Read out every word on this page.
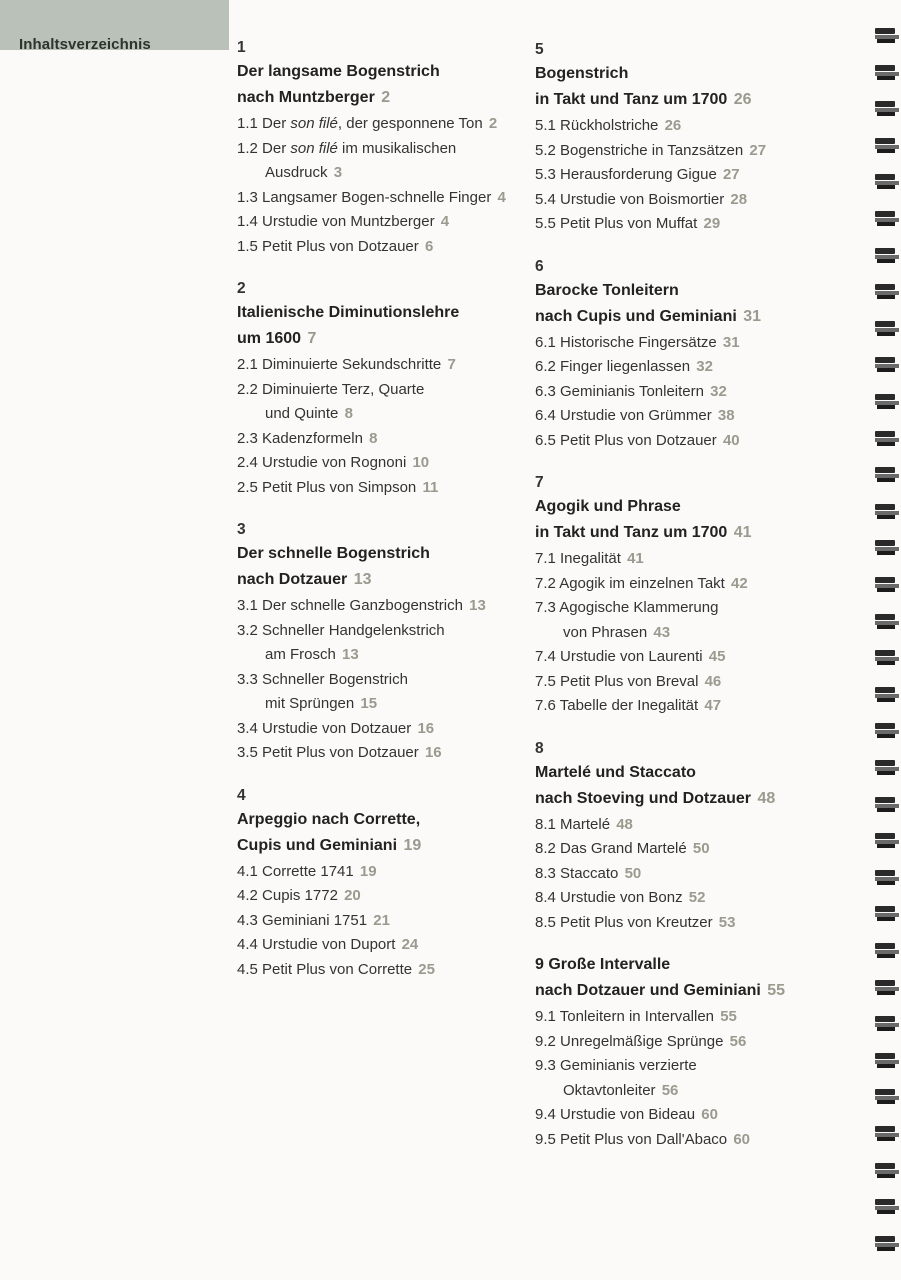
Inhaltsverzeichnis	1
Der langsame Bogenstrich
nach Muntzberger 2
1.1 Der son filé, der gesponnene Ton 2
1.2 Der son filé im musikalischen
Ausdruck 3
1.3 Langsamer Bogen-schnelle Finger 4
1.4 Urstudie von Muntzberger 4
1.5 Petit Plus von Dotzauer 6
2
Italienische Diminutionslehre
um 1600 7
2.1 Diminuierte Sekundschritte 7
2.2 Diminuierte Terz, Quarte
und Quinte 8
2.3 Kadenzformeln 8
2.4 Urstudie von Rognoni 10
2.5 Petit Plus von Simpson 11
3
Der schnelle Bogenstrich
nach Dotzauer 13
3.1 Der schnelle Ganzbogenstrich 13
3.2 Schneller Handgelenkstrich
am Frosch 13
3.3 Schneller Bogenstrich
mit Sprüngen 15
3.4 Urstudie von Dotzauer 16
3.5 Petit Plus von Dotzauer 16
4
Arpeggio nach Corrette,
Cupis und Geminiani 19
4.1 Corrette 1741 19
4.2 Cupis 1772 20
4.3 Geminiani 1751 21
4.4 Urstudie von Duport 24
4.5 Petit Plus von Corrette 25
5
Bogenstrich
in Takt und Tanz um 1700 26
5.1 Rückholstriche 26
5.2 Bogenstriche in Tanzsätzen 27
5.3 Herausforderung Gigue 27
5.4 Urstudie von Boismortier 28
5.5 Petit Plus von Muffat 29
6
Barocke Tonleitern
nach Cupis und Geminiani 31
6.1 Historische Fingersätze 31
6.2 Finger liegenlassen 32
6.3 Geminianis Tonleitern 32
6.4 Urstudie von Grümmer 38
6.5 Petit Plus von Dotzauer 40
7
Agogik und Phrase
in Takt und Tanz um 1700 41
7.1 Inegalität 41
7.2 Agogik im einzelnen Takt 42
7.3 Agogische Klammerung
von Phrasen 43
7.4 Urstudie von Laurenti 45
7.5 Petit Plus von Breval 46
7.6 Tabelle der Inegalität 47
8
Martelé und Staccato
nach Stoeving und Dotzauer 48
8.1 Martelé 48
8.2 Das Grand Martelé 50
8.3 Staccato 50
8.4 Urstudie von Bonz 52
8.5 Petit Plus von Kreutzer 53
9 Große Intervalle
nach Dotzauer und Geminiani 55
9.1 Tonleitern in Intervallen 55
9.2 Unregelmäßige Sprünge 56
9.3 Geminianis verzierte
Oktavtonleiter 56
9.4 Urstudie von Bideau 60
9.5 Petit Plus von Dall'Abaco 60
